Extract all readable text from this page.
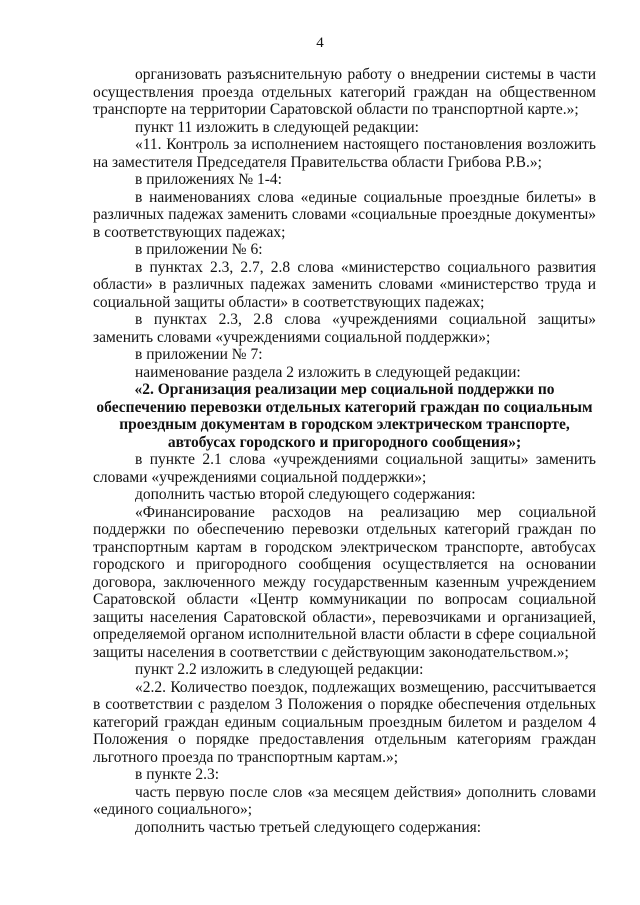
4

организовать разъяснительную работу о внедрении системы в части осуществления проезда отдельных категорий граждан на общественном транспорте на территории Саратовской области по транспортной карте.»;

пункт 11 изложить в следующей редакции:

«11. Контроль за исполнением настоящего постановления возложить на заместителя Председателя Правительства области Грибова Р.В.»;

в приложениях № 1-4:

в наименованиях слова «единые социальные проездные билеты» в различных падежах заменить словами «социальные проездные документы» в соответствующих падежах;

в приложении № 6:

в пунктах 2.3, 2.7, 2.8 слова «министерство социального развития области» в различных падежах заменить словами «министерство труда и социальной защиты области» в соответствующих падежах;

в пунктах 2.3, 2.8 слова «учреждениями социальной защиты» заменить словами «учреждениями социальной поддержки»;

в приложении № 7:

наименование раздела 2 изложить в следующей редакции:

«2. Организация реализации мер социальной поддержки по обеспечению перевозки отдельных категорий граждан по социальным проездным документам в городском электрическом транспорте, автобусах городского и пригородного сообщения»;

в пункте 2.1 слова «учреждениями социальной защиты» заменить словами «учреждениями социальной поддержки»;

дополнить частью второй следующего содержания:

«Финансирование расходов на реализацию мер социальной поддержки по обеспечению перевозки отдельных категорий граждан по транспортным картам в городском электрическом транспорте, автобусах городского и пригородного сообщения осуществляется на основании договора, заключенного между государственным казенным учреждением Саратовской области «Центр коммуникации по вопросам социальной защиты населения Саратовской области», перевозчиками и организацией, определяемой органом исполнительной власти области в сфере социальной защиты населения в соответствии с действующим законодательством.»;

пункт 2.2 изложить в следующей редакции:

«2.2. Количество поездок, подлежащих возмещению, рассчитывается в соответствии с разделом 3 Положения о порядке обеспечения отдельных категорий граждан единым социальным проездным билетом и разделом 4 Положения о порядке предоставления отдельным категориям граждан льготного проезда по транспортным картам.»;

в пункте 2.3:

часть первую после слов «за месяцем действия» дополнить словами «единого социального»;

дополнить частью третьей следующего содержания:
